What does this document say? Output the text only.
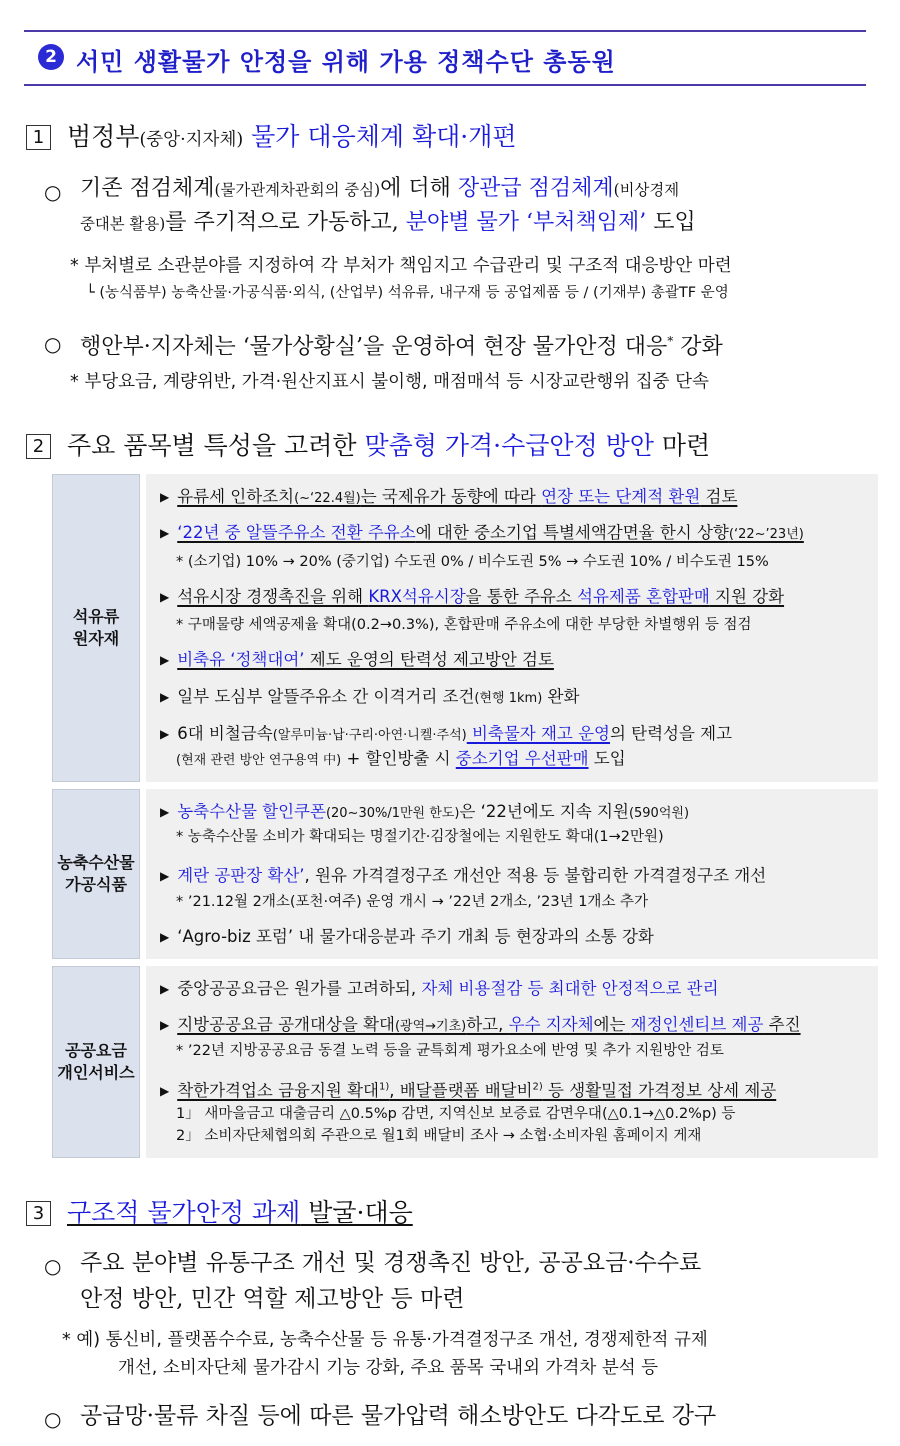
2 서민 생활물가 안정을 위해 가용 정책수단 총동원
1 범정부(중앙·지자체) 물가 대응체계 확대·개편
○ 기존 점검체계(물가관계차관회의 중심)에 더해 장관급 점검체계(비상경제
중대본 활용)를 주기적으로 가동하고, 분야별 물가 ‘부처책임제’ 도입
* 부처별로 소관분야를 지정하여 각 부처가 책임지고 수급관리 및 구조적 대응방안 마련
└ (농식품부) 농축산물·가공식품·외식, (산업부) 석유류, 내구재 등 공업제품 등 / (기재부) 총괄TF 운영
○ 행안부·지자체는 ‘물가상황실’을 운영하여 현장 물가안정 대응* 강화
* 부당요금, 계량위반, 가격·원산지표시 불이행, 매점매석 등 시장교란행위 집중 단속
2 주요 품목별 특성을 고려한 맞춤형 가격·수급안정 방안 마련
석유류
원자재
▶ 유류세 인하조치(~‘22.4월)는 국제유가 동향에 따라 연장 또는 단계적 환원 검토
▶ ‘22년 중 알뜰주유소 전환 주유소에 대한 중소기업 특별세액감면율 한시 상향(‘22~’23년)
* (소기업) 10% → 20% (중기업) 수도권 0% / 비수도권 5% → 수도권 10% / 비수도권 15%
▶ 석유시장 경쟁촉진을 위해 KRX석유시장을 통한 주유소 석유제품 혼합판매 지원 강화
* 구매물량 세액공제율 확대(0.2→0.3%), 혼합판매 주유소에 대한 부당한 차별행위 등 점검
▶ 비축유 ‘정책대여’ 제도 운영의 탄력성 제고방안 검토
▶ 일부 도심부 알뜰주유소 간 이격거리 조건(현행 1km) 완화
▶ 6대 비철금속(알루미늄·납·구리·아연·니켈·주석) 비축물자 재고 운영의 탄력성을 제고
(현재 관련 방안 연구용역 中) + 할인방출 시 중소기업 우선판매 도입
농축수산물
가공식품
▶ 농축수산물 할인쿠폰(20~30%/1만원 한도)은 ‘22년에도 지속 지원(590억원)
* 농축수산물 소비가 확대되는 명절기간·김장철에는 지원한도 확대(1→2만원)
▶ 계란 공판장 확산’, 원유 가격결정구조 개선안 적용 등 불합리한 가격결정구조 개선
* ’21.12월 2개소(포천·여주) 운영 개시 → ’22년 2개소, ’23년 1개소 추가
▶ ‘Agro-biz 포럼’ 내 물가대응분과 주기 개최 등 현장과의 소통 강화
공공요금
개인서비스
▶ 중앙공공요금은 원가를 고려하되, 자체 비용절감 등 최대한 안정적으로 관리
▶ 지방공공요금 공개대상을 확대(광역→기초)하고, 우수 지자체에는 재정인센티브 제공 추진
* ’22년 지방공공요금 동결 노력 등을 균특회계 평가요소에 반영 및 추가 지원방안 검토
▶ 착한가격업소 금융지원 확대$^{1)}$, 배달플랫폼 배달비$^{2)}$ 등 생활밀접 가격정보 상세 제공
1」 새마을금고 대출금리 △0.5%p 감면, 지역신보 보증료 감면우대(△0.1→△0.2%p) 등
2」 소비자단체협의회 주관으로 월1회 배달비 조사 → 소협·소비자원 홈페이지 게재
3 구조적 물가안정 과제 발굴·대응
○ 주요 분야별 유통구조 개선 및 경쟁촉진 방안, 공공요금·수수료
안정 방안, 민간 역할 제고방안 등 마련
* 예) 통신비, 플랫폼수수료, 농축수산물 등 유통·가격결정구조 개선, 경쟁제한적 규제
개선, 소비자단체 물가감시 기능 강화, 주요 품목 국내외 가격차 분석 등
○ 공급망·물류 차질 등에 따른 물가압력 해소방안도 다각도로 강구
